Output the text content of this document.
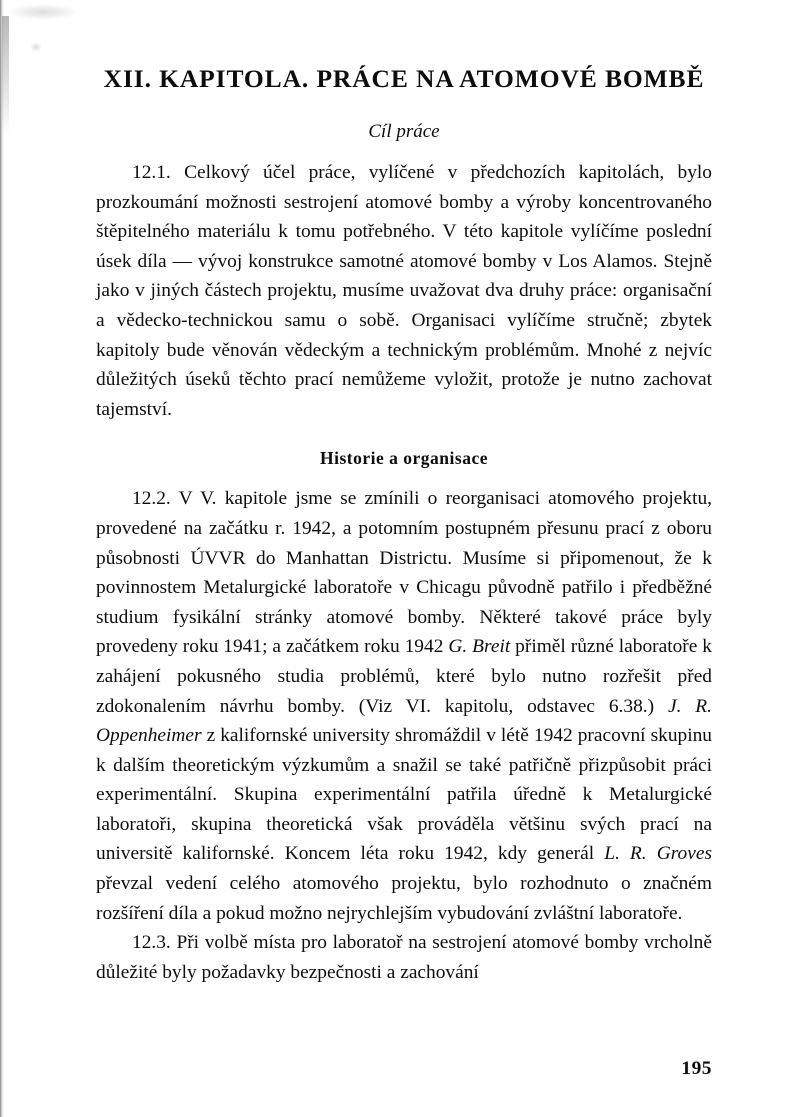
XII. KAPITOLA. PRÁCE NA ATOMOVÉ BOMBĚ
Cíl práce

12.1. Celkový účel práce, vylíčené v předchozích kapitolách, bylo prozkoumání možnosti sestrojení atomové bomby a výroby koncentrovaného štěpitelného materiálu k tomu potřebného. V této kapitole vylíčíme poslední úsek díla — vývoj konstrukce samotné atomové bomby v Los Alamos. Stejně jako v jiných částech projektu, musíme uvažovat dva druhy práce: organisační a vědecko-technickou samu o sobě. Organisaci vylíčíme stručně; zbytek kapitoly bude věnován vědeckým a technickým problémům. Mnohé z nejvíc důležitých úseků těchto prací nemůžeme vyložit, protože je nutno zachovat tajemství.

Historie a organisace

12.2. V V. kapitole jsme se zmínili o reorganisaci atomového projektu, provedené na začátku r. 1942, a potomním postupném přesunu prací z oboru působnosti ÚVVR do Manhattan Districtu. Musíme si připomenout, že k povinnostem Metalurgické laboratoře v Chicagu původně patřilo i předběžné studium fysikální stránky atomové bomby. Některé takové práce byly provedeny roku 1941; a začátkem roku 1942 G. Breit přiměl různé laboratoře k zahájení pokusného studia problémů, které bylo nutno rozřešit před zdokonalením návrhu bomby. (Viz VI. kapitolu, odstavec 6.38.) J. R. Oppenheimer z kalifornské university shromáždil v létě 1942 pracovní skupinu k dalším theoretickým výzkumům a snažil se také patřičně přizpůsobit práci experimentální. Skupina experimentální patřila úředně k Metalurgické laboratoři, skupina theoretická však prováděla většinu svých prací na universitě kalifornské. Koncem léta roku 1942, kdy generál L. R. Groves převzal vedení celého atomového projektu, bylo rozhodnuto o značném rozšíření díla a pokud možno nejrychlejším vybudování zvláštní laboratoře.

12.3. Při volbě místa pro laboratoř na sestrojení atomové bomby vrcholně důležité byly požadavky bezpečnosti a zachování

195
